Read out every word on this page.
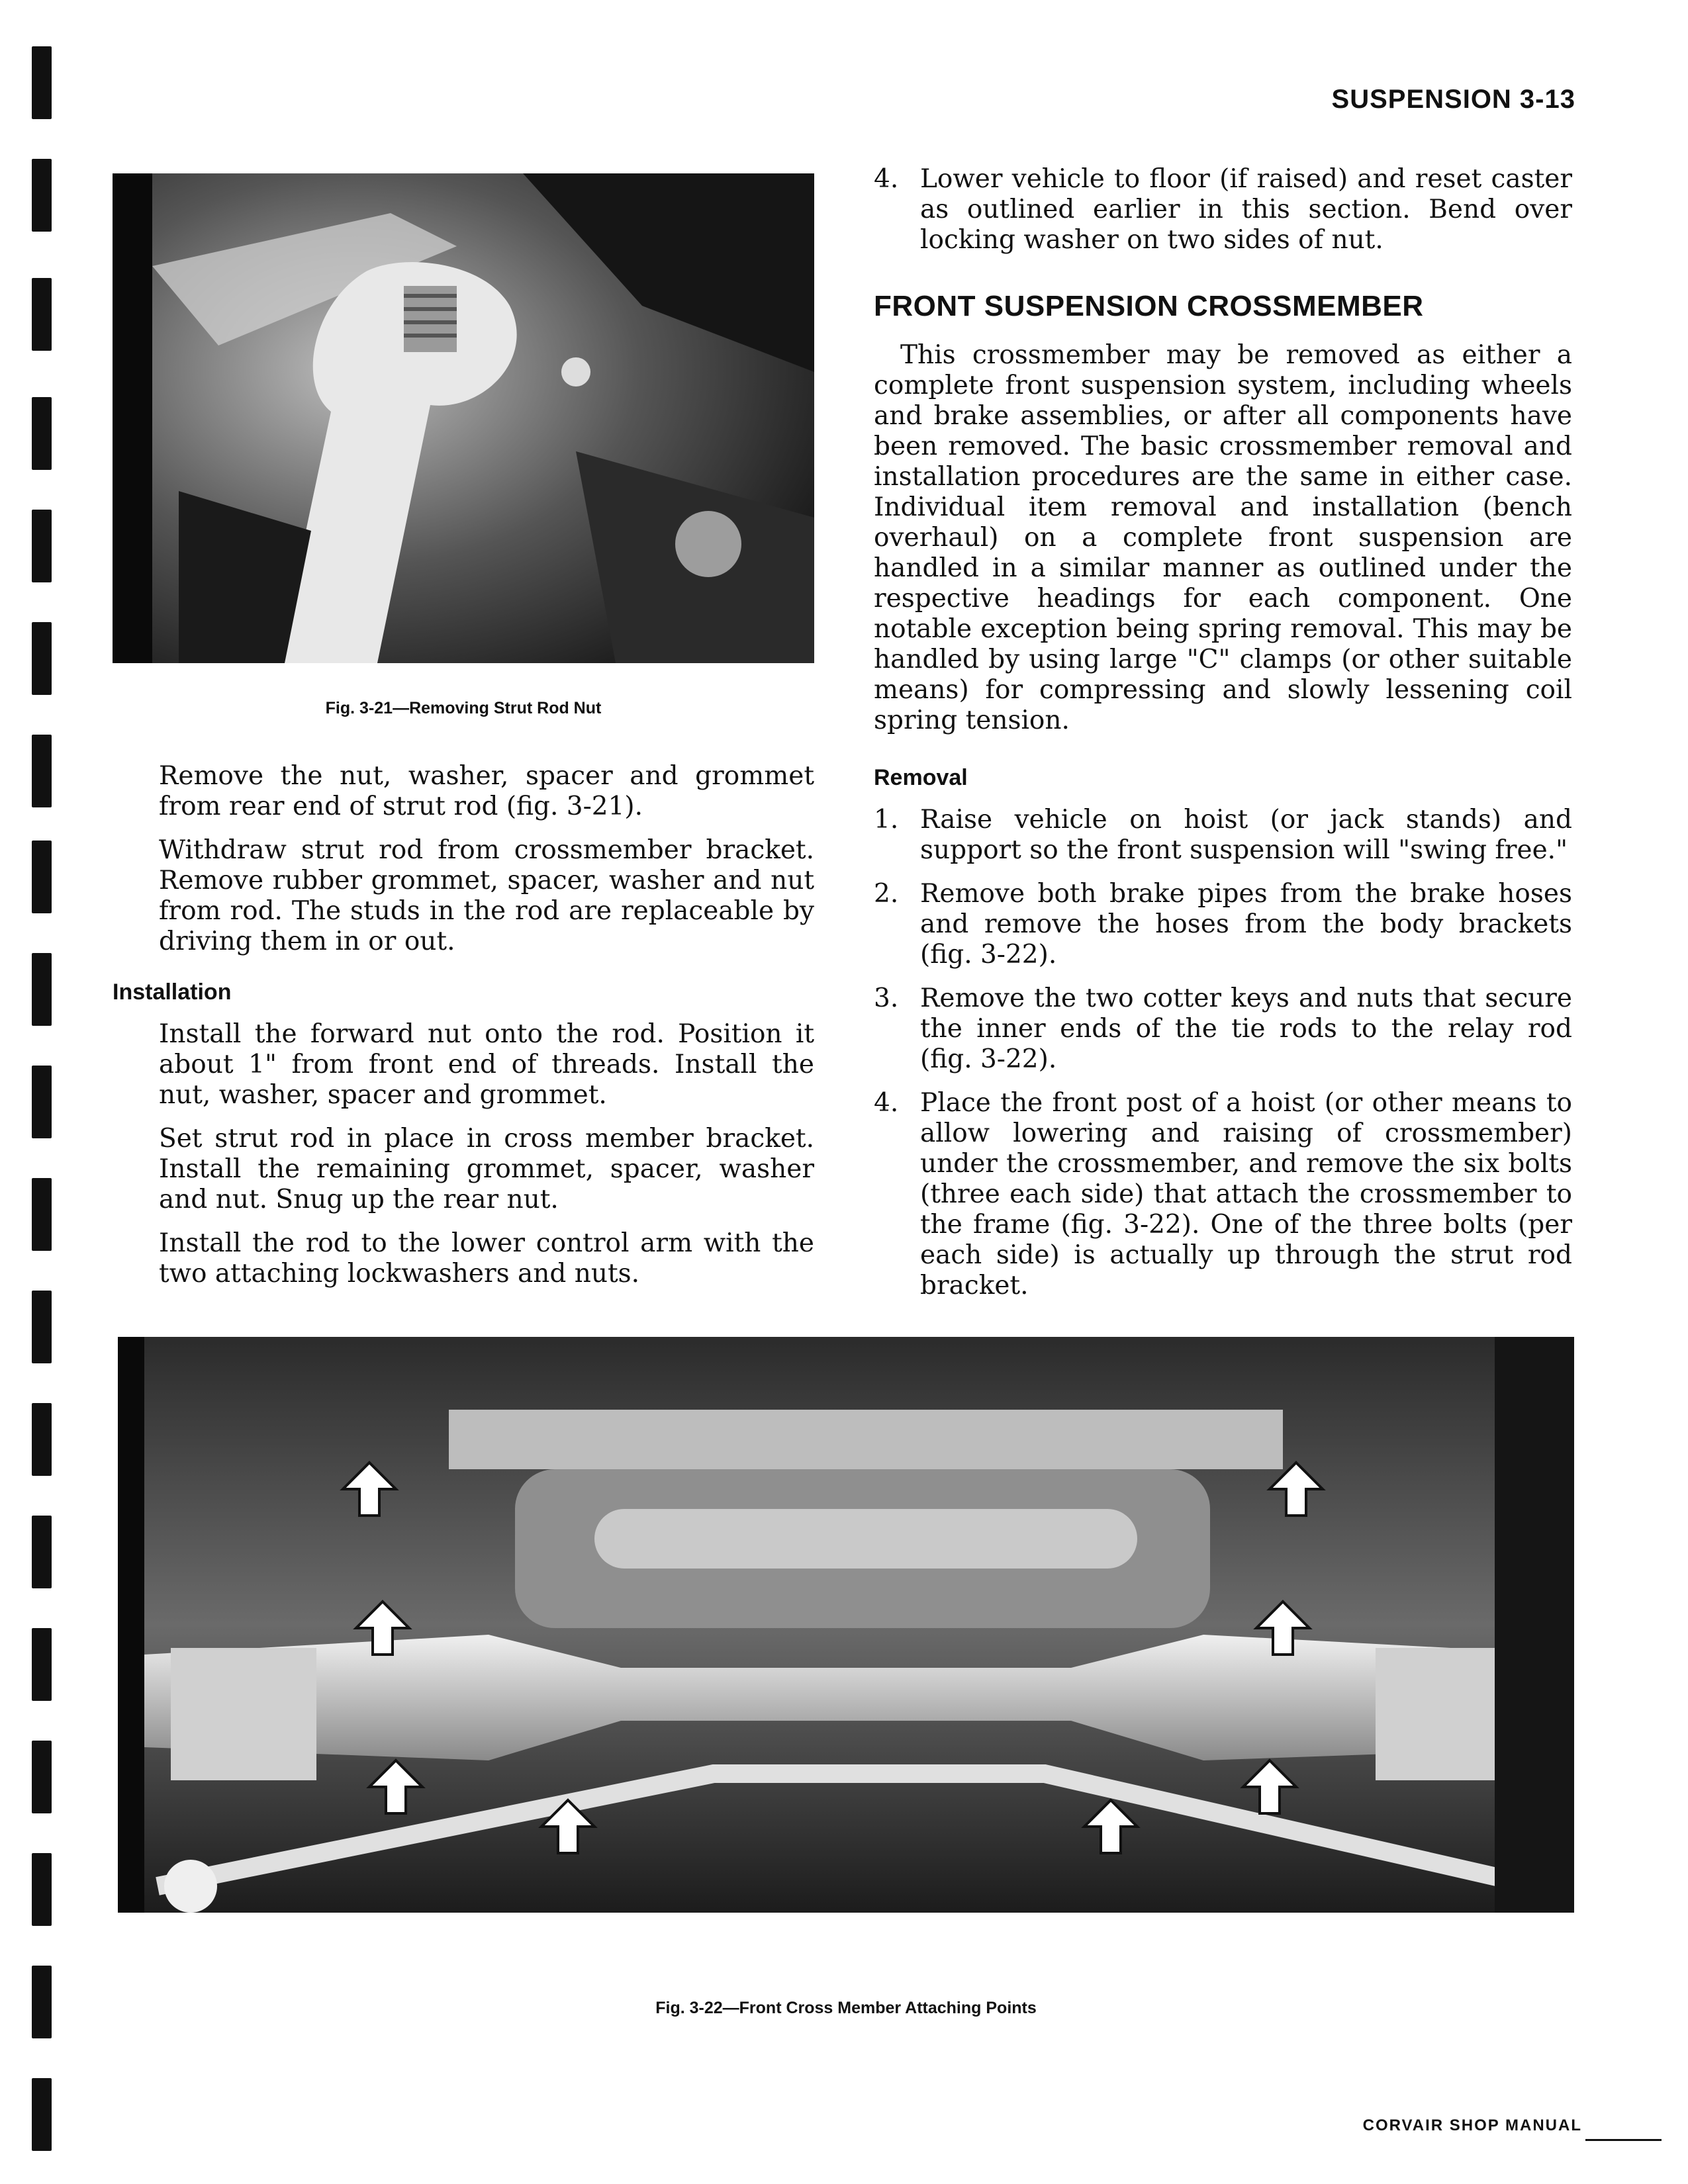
SUSPENSION 3-13
Fig. 3-21—Removing Strut Rod Nut
2	Remove the nut, washer, spacer and grommet from rear end of strut rod (fig. 3-21).
3	Withdraw strut rod from crossmember bracket. Remove rubber grommet, spacer, washer and nut from rod. The studs in the rod are replaceable by driving them in or out.
Installation
1	Install the forward nut onto the rod. Position it about 1" from front end of threads. Install the nut, washer, spacer and grommet.
2	Set strut rod in place in cross member bracket. Install the remaining grommet, spacer, washer and nut. Snug up the rear nut.
3	Install the rod to the lower control arm with the two attaching lockwashers and nuts.
4. Lower vehicle to floor (if raised) and reset caster as outlined earlier in this section. Bend over locking washer on two sides of nut.
FRONT SUSPENSION CROSSMEMBER

This crossmember may be removed as either a complete front suspension system, including wheels and brake assemblies, or after all components have been removed. The basic crossmember removal and installation procedures are the same in either case. Individual item removal and installation (bench overhaul) on a complete front suspension are handled in a similar manner as outlined under the respective headings for each component. One notable exception being spring removal. This may be handled by using large "C" clamps (or other suitable means) for compressing and slowly lessening coil spring tension.

Removal
1. Raise vehicle on hoist (or jack stands) and support so the front suspension will "swing free."
2. Remove both brake pipes from the brake hoses and remove the hoses from the body brackets (fig. 3-22).
3. Remove the two cotter keys and nuts that secure the inner ends of the tie rods to the relay rod (fig. 3-22).
4. Place the front post of a hoist (or other means to allow lowering and raising of crossmember) under the crossmember, and remove the six bolts (three each side) that attach the crossmember to the frame (fig. 3-22). One of the three bolts (per each side) is actually up through the strut rod bracket.
Fig. 3-22—Front Cross Member Attaching Points
CORVAIR SHOP MANUAL
